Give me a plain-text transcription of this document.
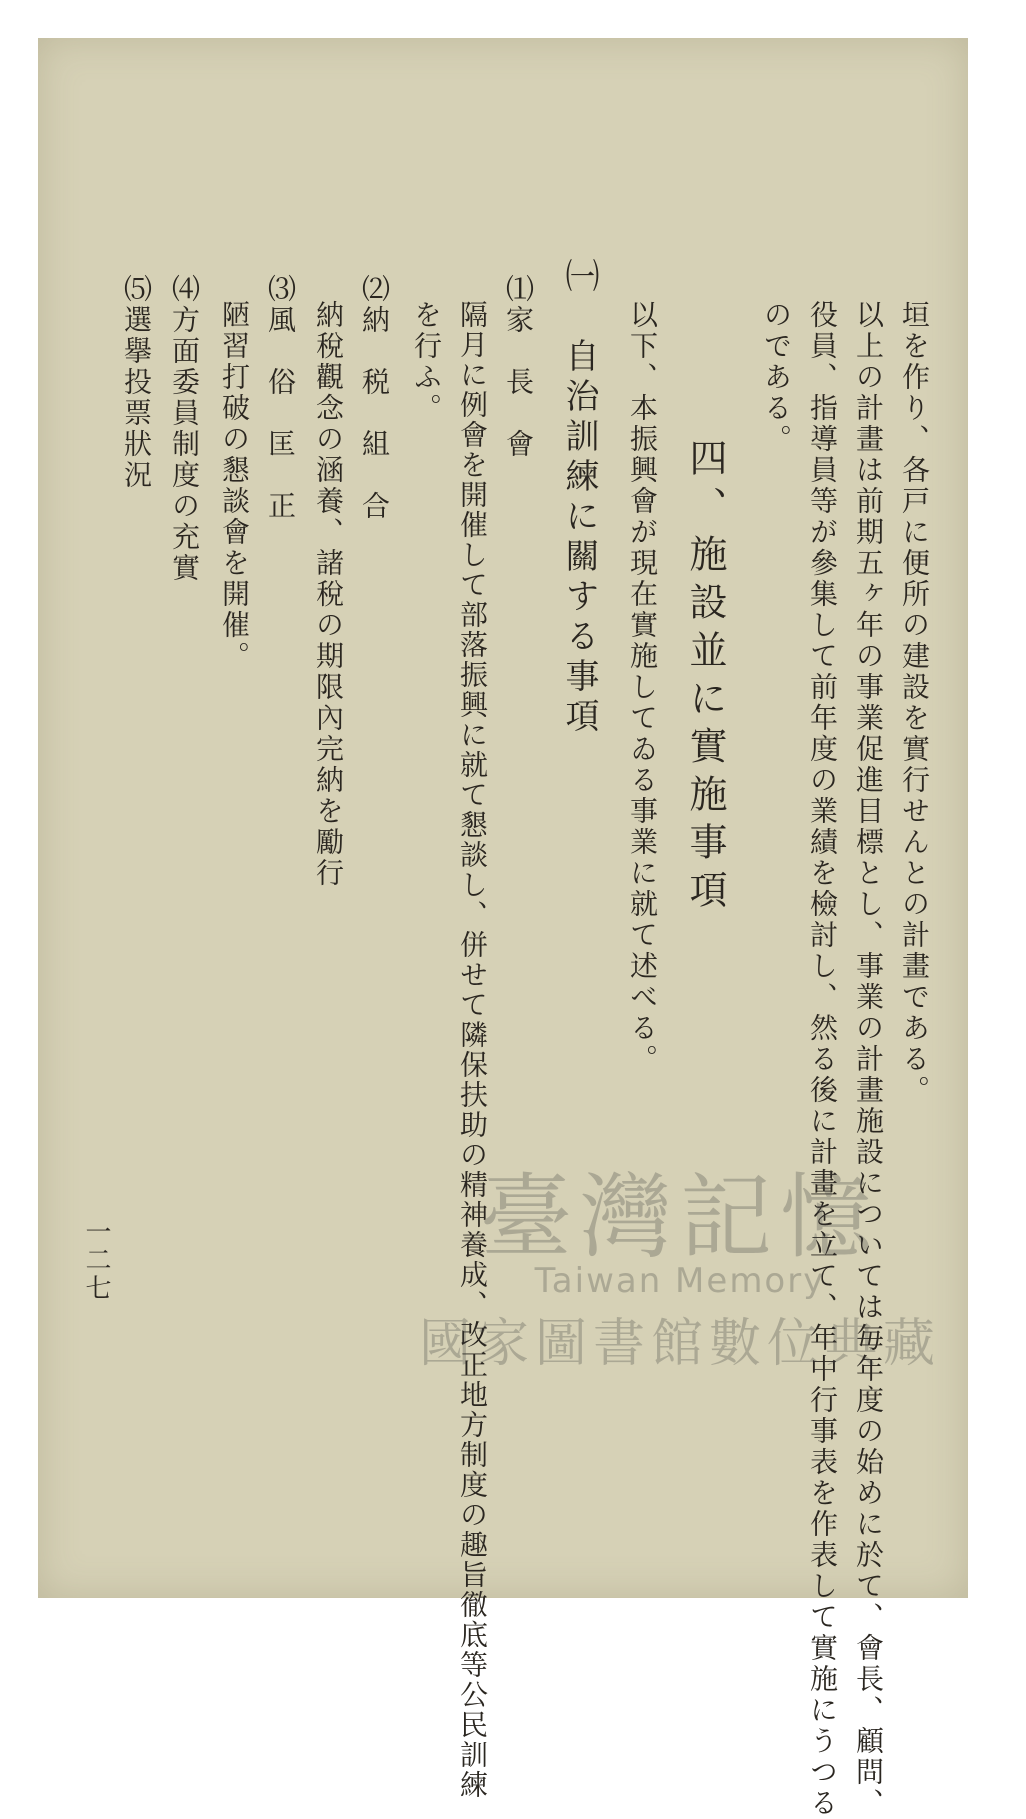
垣を作り、各戸に便所の建設を實行せんとの計畫である。
以上の計畫は前期五ヶ年の事業促進目標とし、事業の計畫施設については毎年度の始めに於て、會長、顧問、
役員、指導員等が參集して前年度の業績を檢討し、然る後に計畫を立て、年中行事表を作表して實施にうつる
のである。
四、施設並に實施事項
以下、本振興會が現在實施してゐる事業に就て述べる。
㈠　自治訓練に關する事項
⑴家　長　會
隔月に例會を開催して部落振興に就て懇談し、併せて隣保扶助の精神養成、改正地方制度の趣旨徹底等公民訓練
を行ふ。
⑵納　税　組　合
納稅觀念の涵養、諸稅の期限內完納を勵行
⑶風　俗　匡　正
陋習打破の懇談會を開催。
⑷方面委員制度の充實
⑸選擧投票狀況
一二七	臺灣記憶
Taiwan Memory
國家圖書館數位典藏
